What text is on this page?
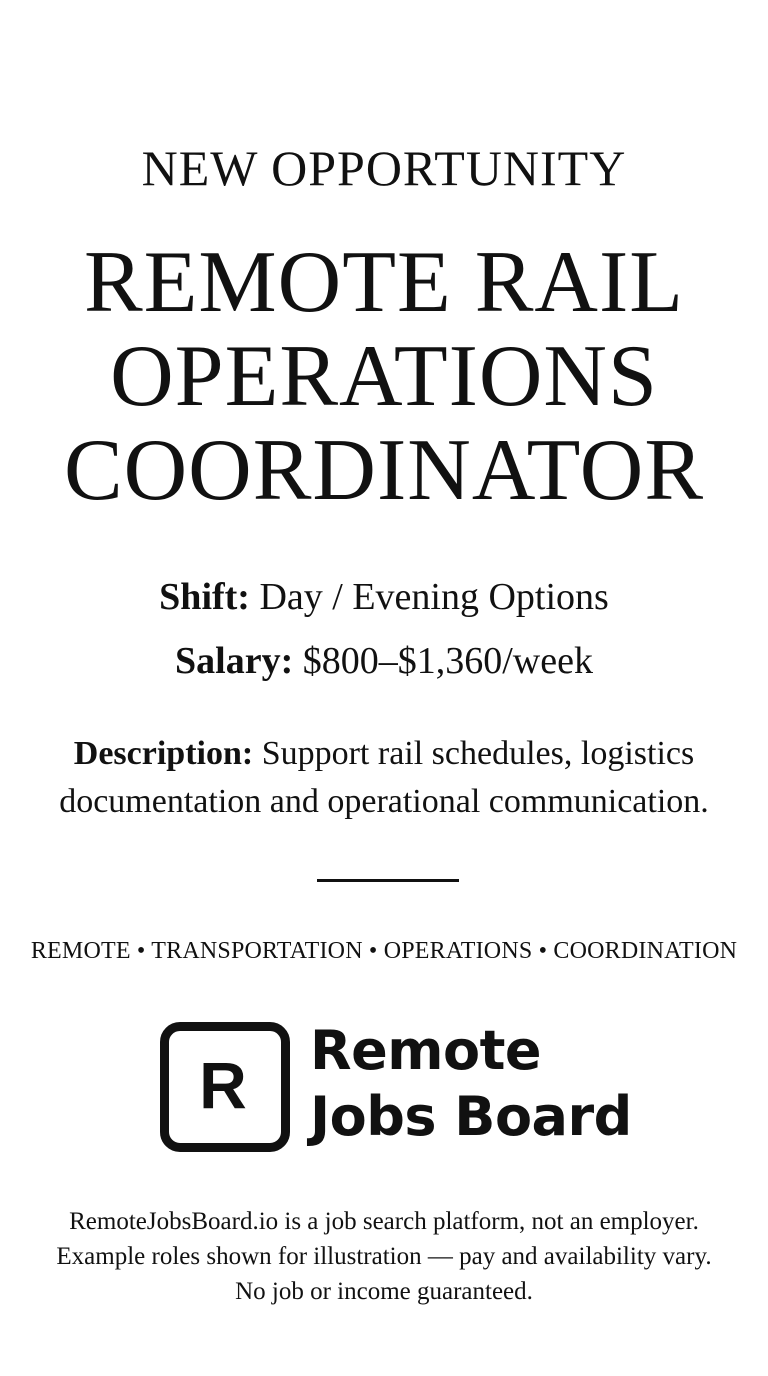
NEW OPPORTUNITY
REMOTE RAIL
OPERATIONS
COORDINATOR
Shift: Day / Evening Options
Salary: $800–$1,360/week
Description: Support rail schedules, logistics documentation and operational communication.
REMOTE • TRANSPORTATION • OPERATIONS • COORDINATION
R	Remote
Jobs Board
RemoteJobsBoard.io is a job search platform, not an employer.
Example roles shown for illustration — pay and availability vary.
No job or income guaranteed.
